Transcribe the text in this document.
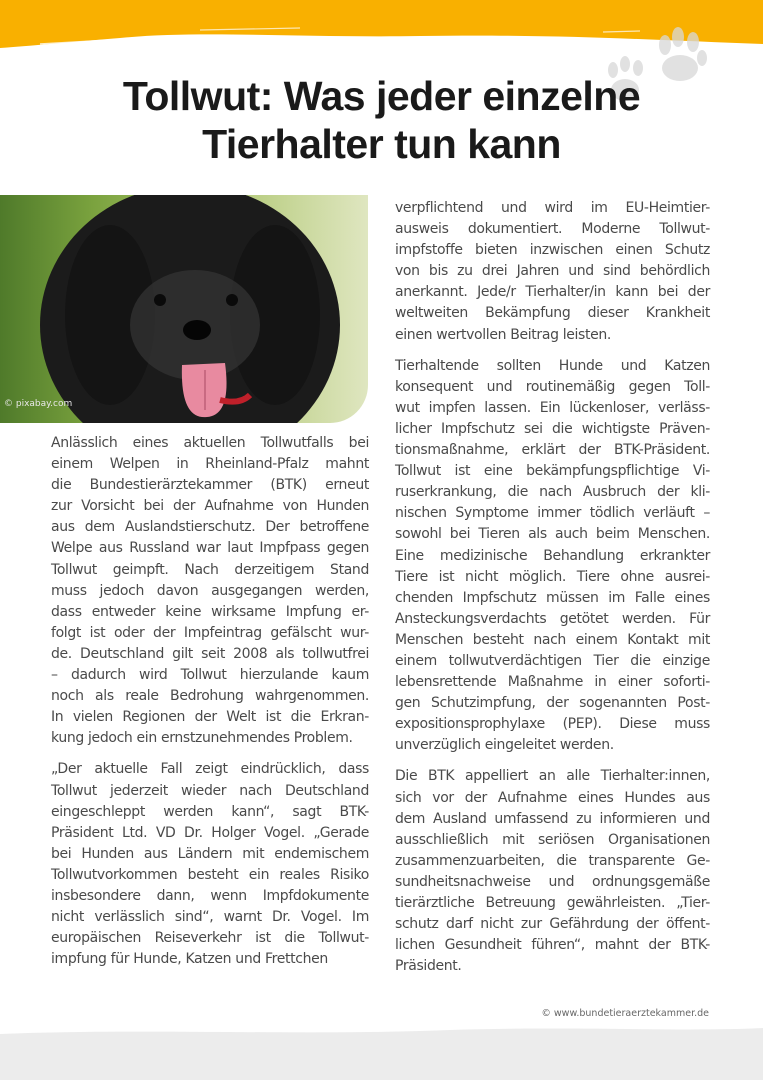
Tollwut: Was jeder einzelne
Tierhalter tun kann
© pixabay.com
Anlässlich eines aktuellen Tollwutfalls bei
einem Welpen in Rheinland-Pfalz mahnt
die Bundestierärztekammer (BTK) erneut
zur Vorsicht bei der Aufnahme von Hunden
aus dem Auslandstierschutz. Der betroffene
Welpe aus Russland war laut Impfpass gegen
Tollwut geimpft. Nach derzeitigem Stand
muss jedoch davon ausgegangen werden,
dass entweder keine wirksame Impfung er-
folgt ist oder der Impfeintrag gefälscht wur-
de. Deutschland gilt seit 2008 als tollwutfrei
– dadurch wird Tollwut hierzulande kaum
noch als reale Bedrohung wahrgenommen.
In vielen Regionen der Welt ist die Erkran-
kung jedoch ein ernstzunehmendes Problem.
„Der aktuelle Fall zeigt eindrücklich, dass
Tollwut jederzeit wieder nach Deutschland
eingeschleppt werden kann“, sagt BTK-
Präsident Ltd. VD Dr. Holger Vogel. „Gerade
bei Hunden aus Ländern mit endemischem
Tollwutvorkommen besteht ein reales Risiko
insbesondere dann, wenn Impfdokumente
nicht verlässlich sind“, warnt Dr. Vogel. Im
europäischen Reiseverkehr ist die Tollwut-
impfung für Hunde, Katzen und Frettchen
verpflichtend und wird im EU-Heimtier-
ausweis dokumentiert. Moderne Tollwut-
impfstoffe bieten inzwischen einen Schutz
von bis zu drei Jahren und sind behördlich
anerkannt. Jede/r Tierhalter/in kann bei der
weltweiten Bekämpfung dieser Krankheit
einen wertvollen Beitrag leisten.
Tierhaltende sollten Hunde und Katzen
konsequent und routinemäßig gegen Toll-
wut impfen lassen. Ein lückenloser, verläss-
licher Impfschutz sei die wichtigste Präven-
tionsmaßnahme, erklärt der BTK-Präsident.
Tollwut ist eine bekämpfungspflichtige Vi-
ruserkrankung, die nach Ausbruch der kli-
nischen Symptome immer tödlich verläuft –
sowohl bei Tieren als auch beim Menschen.
Eine medizinische Behandlung erkrankter
Tiere ist nicht möglich. Tiere ohne ausrei-
chenden Impfschutz müssen im Falle eines
Ansteckungsverdachts getötet werden. Für
Menschen besteht nach einem Kontakt mit
einem tollwutverdächtigen Tier die einzige
lebensrettende Maßnahme in einer soforti-
gen Schutzimpfung, der sogenannten Post-
expositionsprophylaxe (PEP). Diese muss
unverzüglich eingeleitet werden.
Die BTK appelliert an alle Tierhalter:innen,
sich vor der Aufnahme eines Hundes aus
dem Ausland umfassend zu informieren und
ausschließlich mit seriösen Organisationen
zusammenzuarbeiten, die transparente Ge-
sundheitsnachweise und ordnungsgemäße
tierärztliche Betreuung gewährleisten. „Tier-
schutz darf nicht zur Gefährdung der öffent-
lichen Gesundheit führen“, mahnt der BTK-
Präsident.
© www.bundetieraerztekammer.de
